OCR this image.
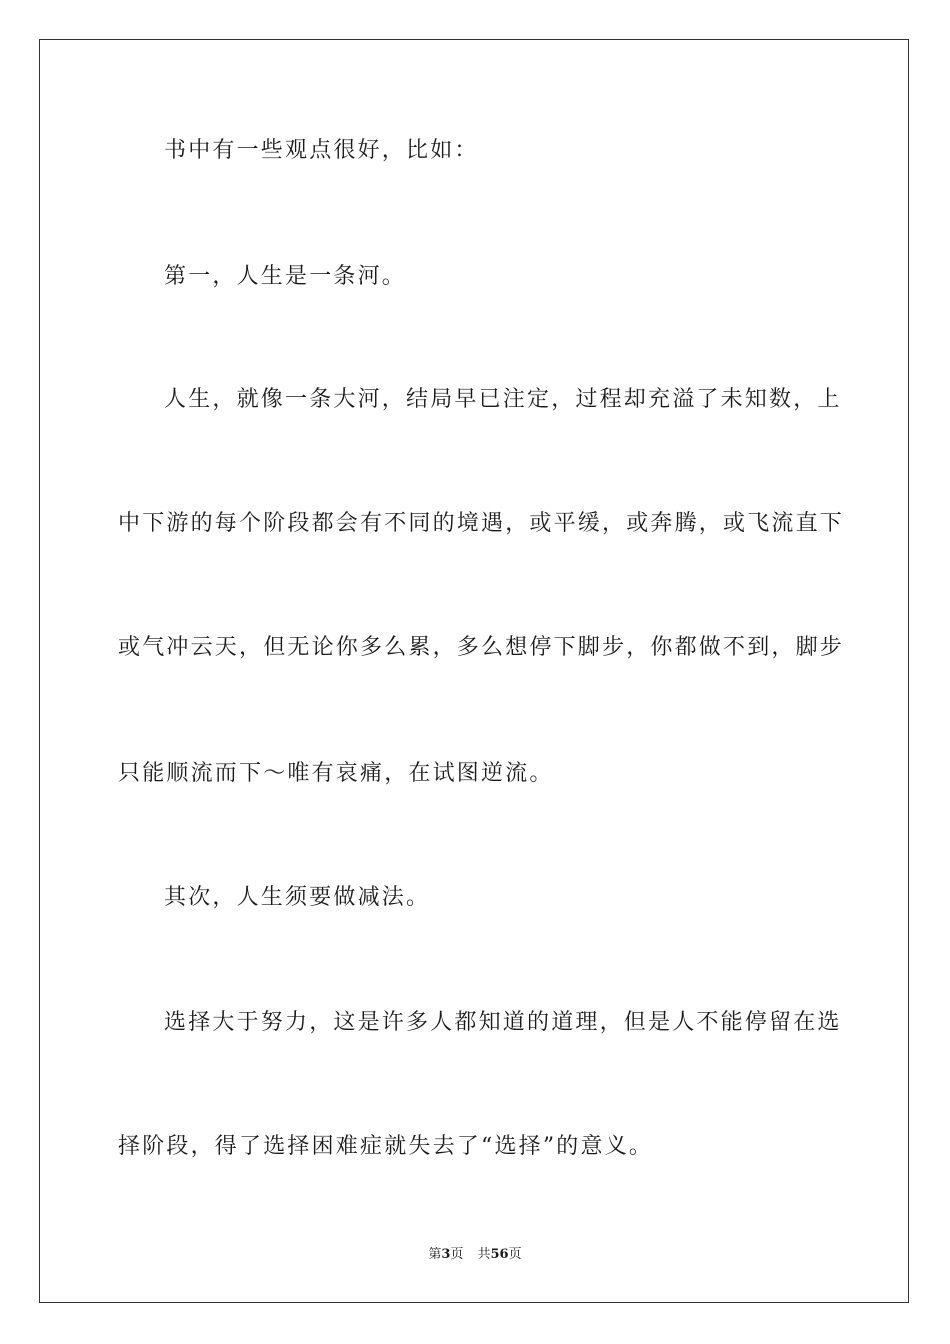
书中有一些观点很好，比如：
第一，人生是一条河。
人生，就像一条大河，结局早已注定，过程却充溢了未知数，上
中下游的每个阶段都会有不同的境遇，或平缓，或奔腾，或飞流直下
或气冲云天，但无论你多么累，多么想停下脚步，你都做不到，脚步
只能顺流而下～唯有哀痛，在试图逆流。
其次，人生须要做减法。
选择大于努力，这是许多人都知道的道理，但是人不能停留在选
择阶段，得了选择困难症就失去了“选择”的意义。
第3页 共56页
